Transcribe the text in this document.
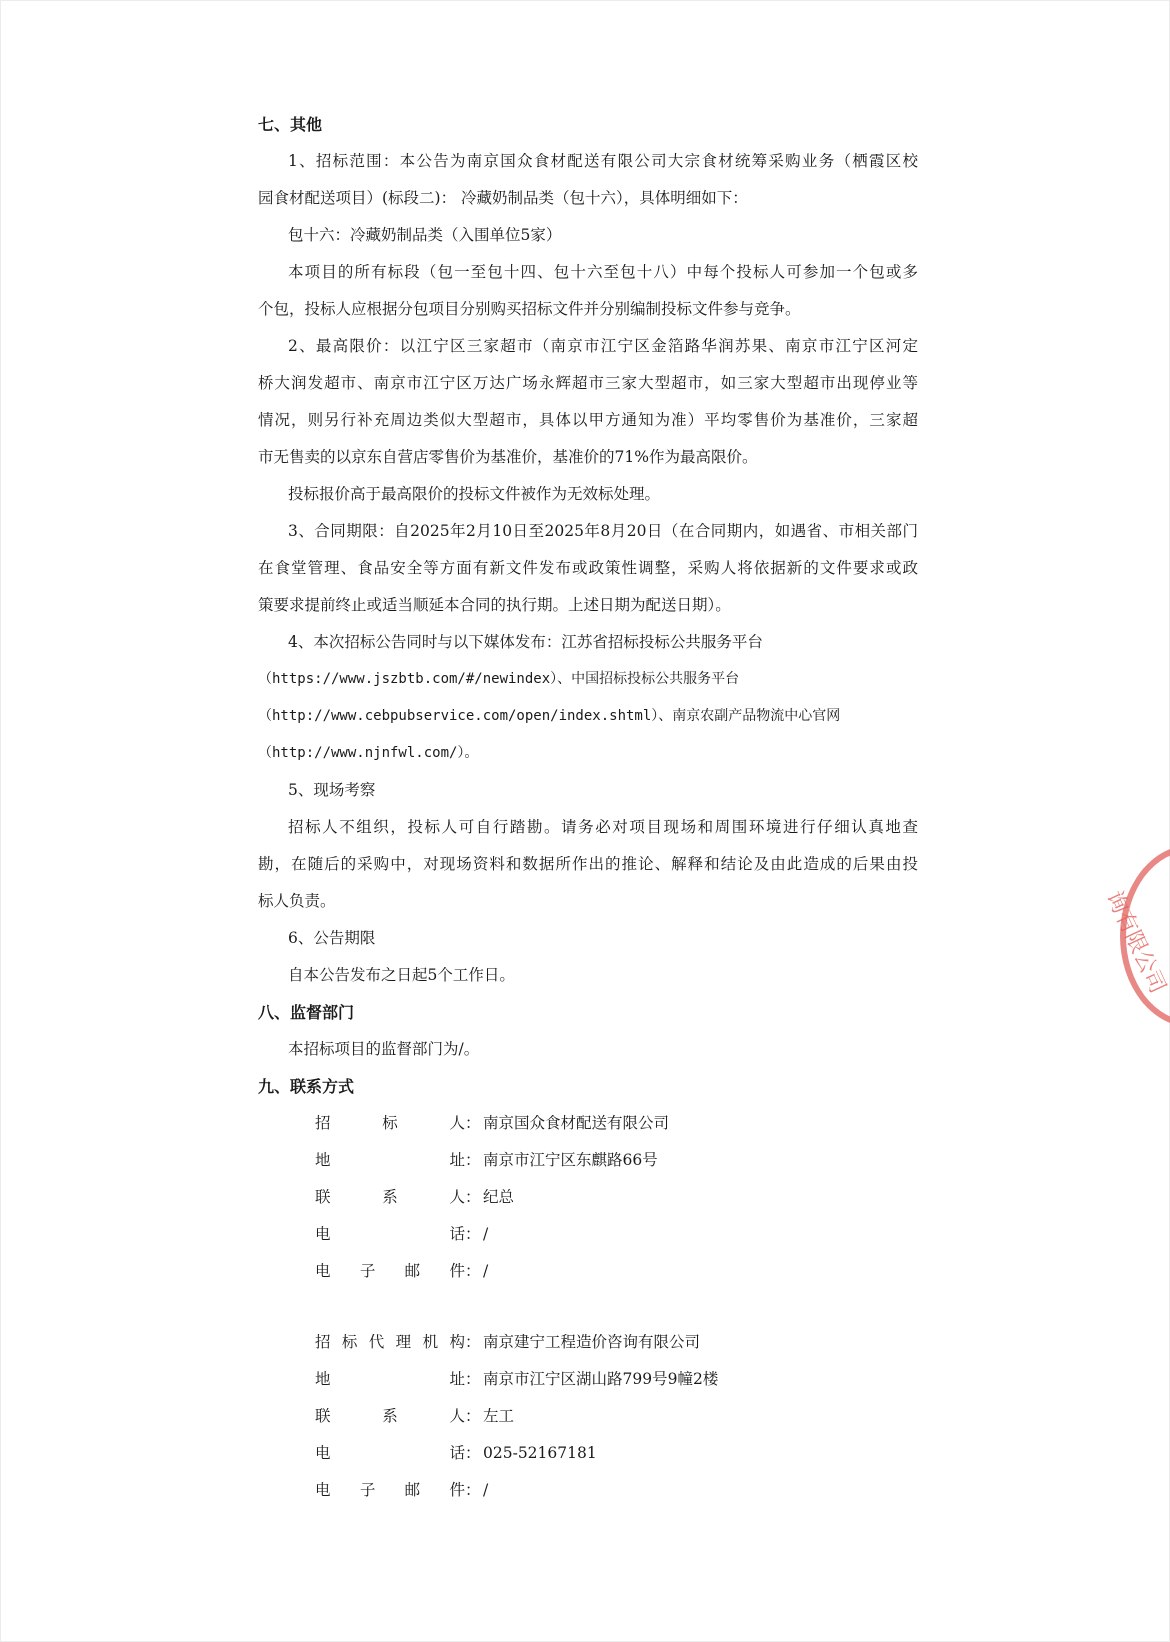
七、其他
1、招标范围：本公告为南京国众食材配送有限公司大宗食材统筹采购业务（栖霞区校
园食材配送项目）(标段二)： 冷藏奶制品类（包十六），具体明细如下：
包十六：冷藏奶制品类（入围单位5家）
本项目的所有标段（包一至包十四、包十六至包十八）中每个投标人可参加一个包或多
个包，投标人应根据分包项目分别购买招标文件并分别编制投标文件参与竞争。
2、最高限价：以江宁区三家超市（南京市江宁区金箔路华润苏果、南京市江宁区河定
桥大润发超市、南京市江宁区万达广场永辉超市三家大型超市，如三家大型超市出现停业等
情况，则另行补充周边类似大型超市，具体以甲方通知为准）平均零售价为基准价，三家超
市无售卖的以京东自营店零售价为基准价，基准价的71%作为最高限价。
投标报价高于最高限价的投标文件被作为无效标处理。
3、合同期限：自2025年2月10日至2025年8月20日（在合同期内，如遇省、市相关部门
在食堂管理、食品安全等方面有新文件发布或政策性调整，采购人将依据新的文件要求或政
策要求提前终止或适当顺延本合同的执行期。上述日期为配送日期）。
4、本次招标公告同时与以下媒体发布：江苏省招标投标公共服务平台
（https://www.jszbtb.com/#/newindex）、中国招标投标公共服务平台
（http://www.cebpubservice.com/open/index.shtml）、南京农副产品物流中心官网
（http://www.njnfwl.com/）。
5、现场考察
招标人不组织，投标人可自行踏勘。请务必对项目现场和周围环境进行仔细认真地查
勘，在随后的采购中，对现场资料和数据所作出的推论、解释和结论及由此造成的后果由投
标人负责。
6、公告期限
自本公告发布之日起5个工作日。
八、监督部门
本招标项目的监督部门为/。
九、联系方式
招	标	人 ： 南京国众食材配送有限公司
地	址 ： 南京市江宁区东麒路66号
联	系	人 ： 纪总
电	话 ： /
电 子 邮 件 ： /
招 标 代 理 机 构 ： 南京建宁工程造价咨询有限公司
地	址 ： 南京市江宁区湖山路799号9幢2楼
联	系	人 ： 左工
电	话 ： 025-52167181
电 子 邮 件 ： /
询有限公司
